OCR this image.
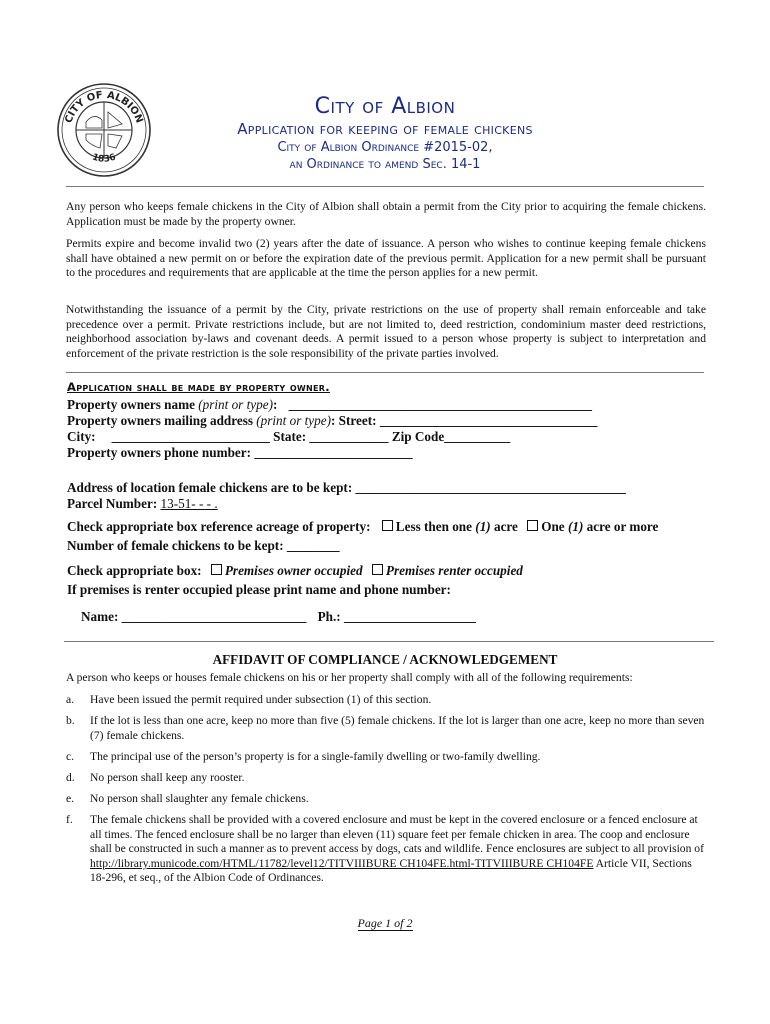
CITY OF ALBION
1836
City of Albion
Application for keeping of female chickens
City of Albion Ordinance #2015-02,
an Ordinance to amend Sec. 14-1
Any person who keeps female chickens in the City of Albion shall obtain a permit from the City prior to acquiring the female chickens. Application must be made by the property owner.
Permits expire and become invalid two (2) years after the date of issuance. A person who wishes to continue keeping female chickens shall have obtained a new permit on or before the expiration date of the previous permit. Application for a new permit shall be pursuant to the procedures and requirements that are applicable at the time the person applies for a new permit.
Notwithstanding the issuance of a permit by the City, private restrictions on the use of property shall remain enforceable and take precedence over a permit. Private restrictions include, but are not limited to, deed restriction, condominium master deed restrictions, neighborhood association by-laws and covenant deeds. A permit issued to a person whose property is subject to interpretation and enforcement of the private restriction is the sole responsibility of the private parties involved.
Application shall be made by property owner.
Property owners name (print or type): ______________________________________________
Property owners mailing address (print or type): Street: _________________________________
City: ________________________ State: ____________ Zip Code__________
Property owners phone number: ________________________
Address of location female chickens are to be kept: _________________________________________
Parcel Number: 13-51- - - .
Check appropriate box reference acreage of property: Less then one (1) acre One (1) acre or more
Number of female chickens to be kept: ________
Check appropriate box: Premises owner occupied Premises renter occupied
If premises is renter occupied please print name and phone number:
Name: ____________________________ Ph.: ____________________
AFFIDAVIT OF COMPLIANCE / ACKNOWLEDGEMENT
A person who keeps or houses female chickens on his or her property shall comply with all of the following requirements:
a. Have been issued the permit required under subsection (1) of this section.
b. If the lot is less than one acre, keep no more than five (5) female chickens. If the lot is larger than one acre, keep no more than seven (7) female chickens.
c. The principal use of the person’s property is for a single-family dwelling or two-family dwelling.
d. No person shall keep any rooster.
e. No person shall slaughter any female chickens.
f. The female chickens shall be provided with a covered enclosure and must be kept in the covered enclosure or a fenced enclosure at all times. The fenced enclosure shall be no larger than eleven (11) square feet per female chicken in area. The coop and enclosure shall be constructed in such a manner as to prevent access by dogs, cats and wildlife. Fence enclosures are subject to all provision of
http://library.municode.com/HTML/11782/level12/TITVIIIBURE CH104FE.html-TITVIIIBURE CH104FE Article VII, Sections 18-296, et seq., of the Albion Code of Ordinances.
Page 1 of 2
